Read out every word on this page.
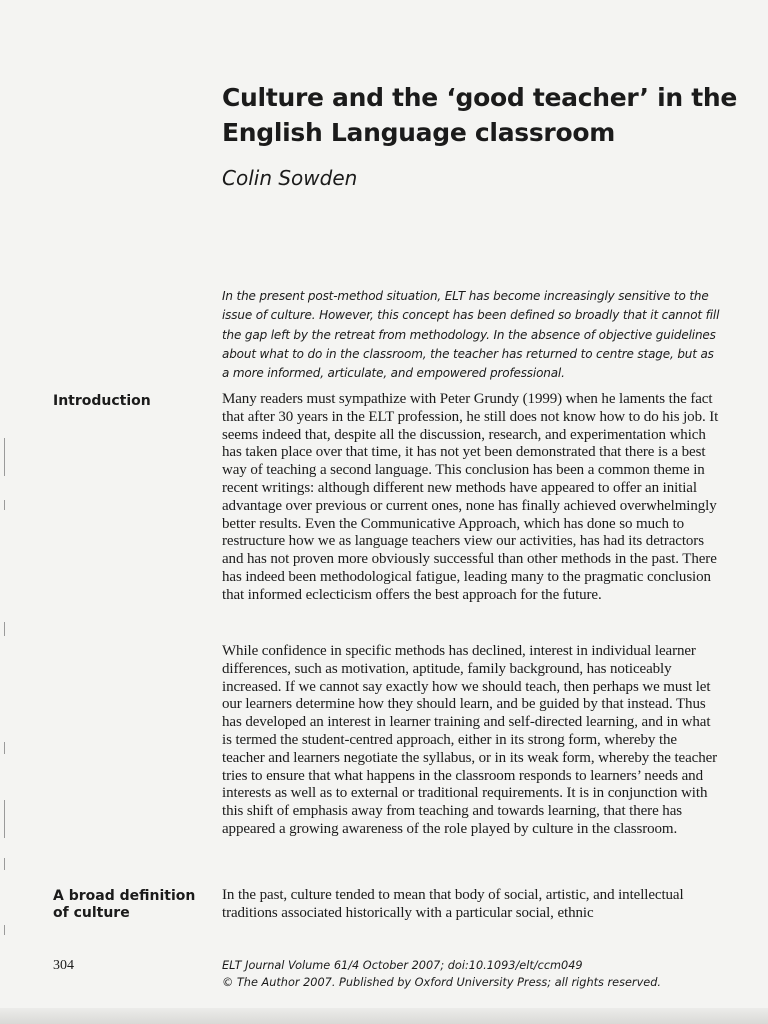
Culture and the ‘good teacher’ in the English Language classroom

Colin Sowden

In the present post-method situation, ELT has become increasingly sensitive to the issue of culture. However, this concept has been defined so broadly that it cannot fill the gap left by the retreat from methodology. In the absence of objective guidelines about what to do in the classroom, the teacher has returned to centre stage, but as a more informed, articulate, and empowered professional.

Introduction	Many readers must sympathize with Peter Grundy (1999) when he laments the fact that after 30 years in the ELT profession, he still does not know how to do his job. It seems indeed that, despite all the discussion, research, and experimentation which has taken place over that time, it has not yet been demonstrated that there is a best way of teaching a second language. This conclusion has been a common theme in recent writings: although different new methods have appeared to offer an initial advantage over previous or current ones, none has finally achieved overwhelmingly better results. Even the Communicative Approach, which has done so much to restructure how we as language teachers view our activities, has had its detractors and has not proven more obviously successful than other methods in the past. There has indeed been methodological fatigue, leading many to the pragmatic conclusion that informed eclecticism offers the best approach for the future.

While confidence in specific methods has declined, interest in individual learner differences, such as motivation, aptitude, family background, has noticeably increased. If we cannot say exactly how we should teach, then perhaps we must let our learners determine how they should learn, and be guided by that instead. Thus has developed an interest in learner training and self-directed learning, and in what is termed the student-centred approach, either in its strong form, whereby the teacher and learners negotiate the syllabus, or in its weak form, whereby the teacher tries to ensure that what happens in the classroom responds to learners’ needs and interests as well as to external or traditional requirements. It is in conjunction with this shift of emphasis away from teaching and towards learning, that there has appeared a growing awareness of the role played by culture in the classroom.

A broad definition of culture

In the past, culture tended to mean that body of social, artistic, and intellectual traditions associated historically with a particular social, ethnic

304	ELT Journal Volume 61/4 October 2007; doi:10.1093/elt/ccm049
© The Author 2007. Published by Oxford University Press; all rights reserved.
